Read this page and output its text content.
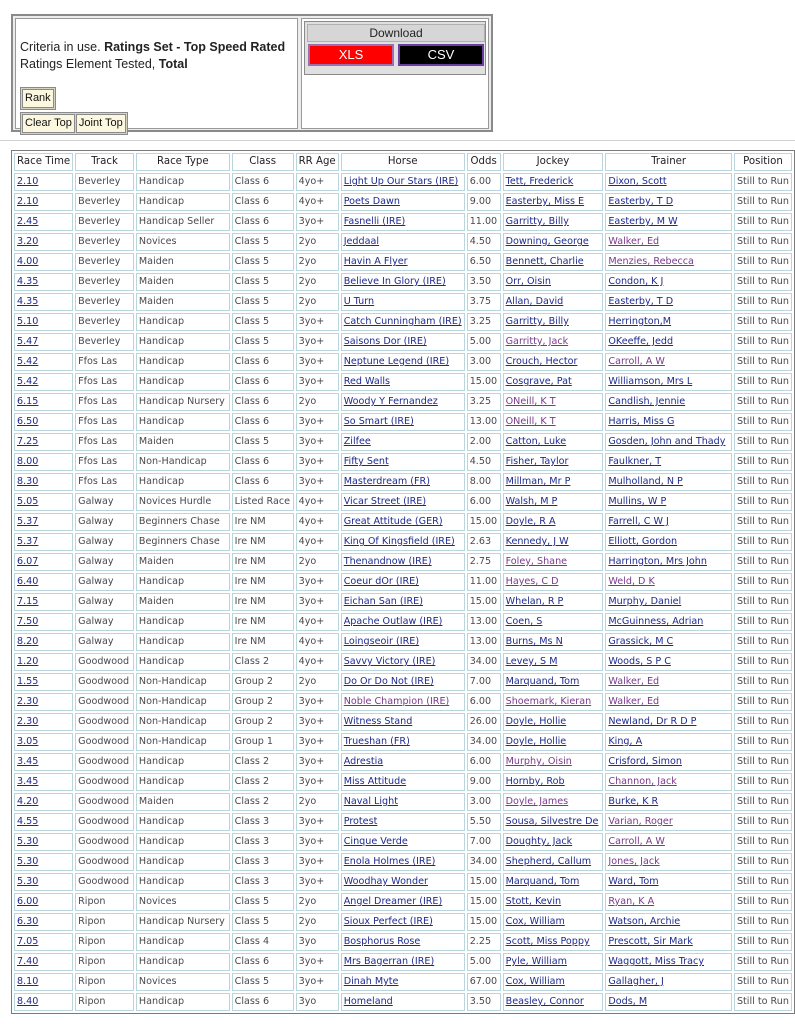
Criteria in use. Ratings Set - Top Speed Rated
Ratings Element Tested, Total
Rank
Clear Top Joint Top
Download
XLS	CSV
Race Time	Track	Race Type	Class	RR Age	Horse	Odds	Jockey	Trainer	Position
2.10	Beverley	Handicap	Class 6	4yo+	Light Up Our Stars (IRE)	6.00	Tett, Frederick	Dixon, Scott	Still to Run
2.10	Beverley	Handicap	Class 6	4yo+	Poets Dawn	9.00	Easterby, Miss E	Easterby, T D	Still to Run
2.45	Beverley	Handicap Seller	Class 6	3yo+	Fasnelli (IRE)	11.00	Garritty, Billy	Easterby, M W	Still to Run
3.20	Beverley	Novices	Class 5	2yo	Jeddaal	4.50	Downing, George	Walker, Ed	Still to Run
4.00	Beverley	Maiden	Class 5	2yo	Havin A Flyer	6.50	Bennett, Charlie	Menzies, Rebecca	Still to Run
4.35	Beverley	Maiden	Class 5	2yo	Believe In Glory (IRE)	3.50	Orr, Oisin	Condon, K J	Still to Run
4.35	Beverley	Maiden	Class 5	2yo	U Turn	3.75	Allan, David	Easterby, T D	Still to Run
5.10	Beverley	Handicap	Class 5	3yo+	Catch Cunningham (IRE)	3.25	Garritty, Billy	Herrington,M	Still to Run
5.47	Beverley	Handicap	Class 5	3yo+	Saisons Dor (IRE)	5.00	Garritty, Jack	OKeeffe, Jedd	Still to Run
5.42	Ffos Las	Handicap	Class 6	3yo+	Neptune Legend (IRE)	3.00	Crouch, Hector	Carroll, A W	Still to Run
5.42	Ffos Las	Handicap	Class 6	3yo+	Red Walls	15.00	Cosgrave, Pat	Williamson, Mrs L	Still to Run
6.15	Ffos Las	Handicap Nursery	Class 6	2yo	Woody Y Fernandez	3.25	ONeill, K T	Candlish, Jennie	Still to Run
6.50	Ffos Las	Handicap	Class 6	3yo+	So Smart (IRE)	13.00	ONeill, K T	Harris, Miss G	Still to Run
7.25	Ffos Las	Maiden	Class 5	3yo+	Zilfee	2.00	Catton, Luke	Gosden, John and Thady	Still to Run
8.00	Ffos Las	Non-Handicap	Class 6	3yo+	Fifty Sent	4.50	Fisher, Taylor	Faulkner, T	Still to Run
8.30	Ffos Las	Handicap	Class 6	3yo+	Masterdream (FR)	8.00	Millman, Mr P	Mulholland, N P	Still to Run
5.05	Galway	Novices Hurdle	Listed Race	4yo+	Vicar Street (IRE)	6.00	Walsh, M P	Mullins, W P	Still to Run
5.37	Galway	Beginners Chase	Ire NM	4yo+	Great Attitude (GER)	15.00	Doyle, R A	Farrell, C W J	Still to Run
5.37	Galway	Beginners Chase	Ire NM	4yo+	King Of Kingsfield (IRE)	2.63	Kennedy, J W	Elliott, Gordon	Still to Run
6.07	Galway	Maiden	Ire NM	2yo	Thenandnow (IRE)	2.75	Foley, Shane	Harrington, Mrs John	Still to Run
6.40	Galway	Handicap	Ire NM	3yo+	Coeur dOr (IRE)	11.00	Hayes, C D	Weld, D K	Still to Run
7.15	Galway	Maiden	Ire NM	3yo+	Eichan San (IRE)	15.00	Whelan, R P	Murphy, Daniel	Still to Run
7.50	Galway	Handicap	Ire NM	4yo+	Apache Outlaw (IRE)	13.00	Coen, S	McGuinness, Adrian	Still to Run
8.20	Galway	Handicap	Ire NM	4yo+	Loingseoir (IRE)	13.00	Burns, Ms N	Grassick, M C	Still to Run
1.20	Goodwood	Handicap	Class 2	4yo+	Savvy Victory (IRE)	34.00	Levey, S M	Woods, S P C	Still to Run
1.55	Goodwood	Non-Handicap	Group 2	2yo	Do Or Do Not (IRE)	7.00	Marquand, Tom	Walker, Ed	Still to Run
2.30	Goodwood	Non-Handicap	Group 2	3yo+	Noble Champion (IRE)	6.00	Shoemark, Kieran	Walker, Ed	Still to Run
2.30	Goodwood	Non-Handicap	Group 2	3yo+	Witness Stand	26.00	Doyle, Hollie	Newland, Dr R D P	Still to Run
3.05	Goodwood	Non-Handicap	Group 1	3yo+	Trueshan (FR)	34.00	Doyle, Hollie	King, A	Still to Run
3.45	Goodwood	Handicap	Class 2	3yo+	Adrestia	6.00	Murphy, Oisin	Crisford, Simon	Still to Run
3.45	Goodwood	Handicap	Class 2	3yo+	Miss Attitude	9.00	Hornby, Rob	Channon, Jack	Still to Run
4.20	Goodwood	Maiden	Class 2	2yo	Naval Light	3.00	Doyle, James	Burke, K R	Still to Run
4.55	Goodwood	Handicap	Class 3	3yo+	Protest	5.50	Sousa, Silvestre De	Varian, Roger	Still to Run
5.30	Goodwood	Handicap	Class 3	3yo+	Cinque Verde	7.00	Doughty, Jack	Carroll, A W	Still to Run
5.30	Goodwood	Handicap	Class 3	3yo+	Enola Holmes (IRE)	34.00	Shepherd, Callum	Jones, Jack	Still to Run
5.30	Goodwood	Handicap	Class 3	3yo+	Woodhay Wonder	15.00	Marquand, Tom	Ward, Tom	Still to Run
6.00	Ripon	Novices	Class 5	2yo	Angel Dreamer (IRE)	15.00	Stott, Kevin	Ryan, K A	Still to Run
6.30	Ripon	Handicap Nursery	Class 5	2yo	Sioux Perfect (IRE)	15.00	Cox, William	Watson, Archie	Still to Run
7.05	Ripon	Handicap	Class 4	3yo	Bosphorus Rose	2.25	Scott, Miss Poppy	Prescott, Sir Mark	Still to Run
7.40	Ripon	Handicap	Class 6	3yo+	Mrs Bagerran (IRE)	5.00	Pyle, William	Waggott, Miss Tracy	Still to Run
8.10	Ripon	Novices	Class 5	3yo+	Dinah Myte	67.00	Cox, William	Gallagher, J	Still to Run
8.40	Ripon	Handicap	Class 6	3yo	Homeland	3.50	Beasley, Connor	Dods, M	Still to Run
